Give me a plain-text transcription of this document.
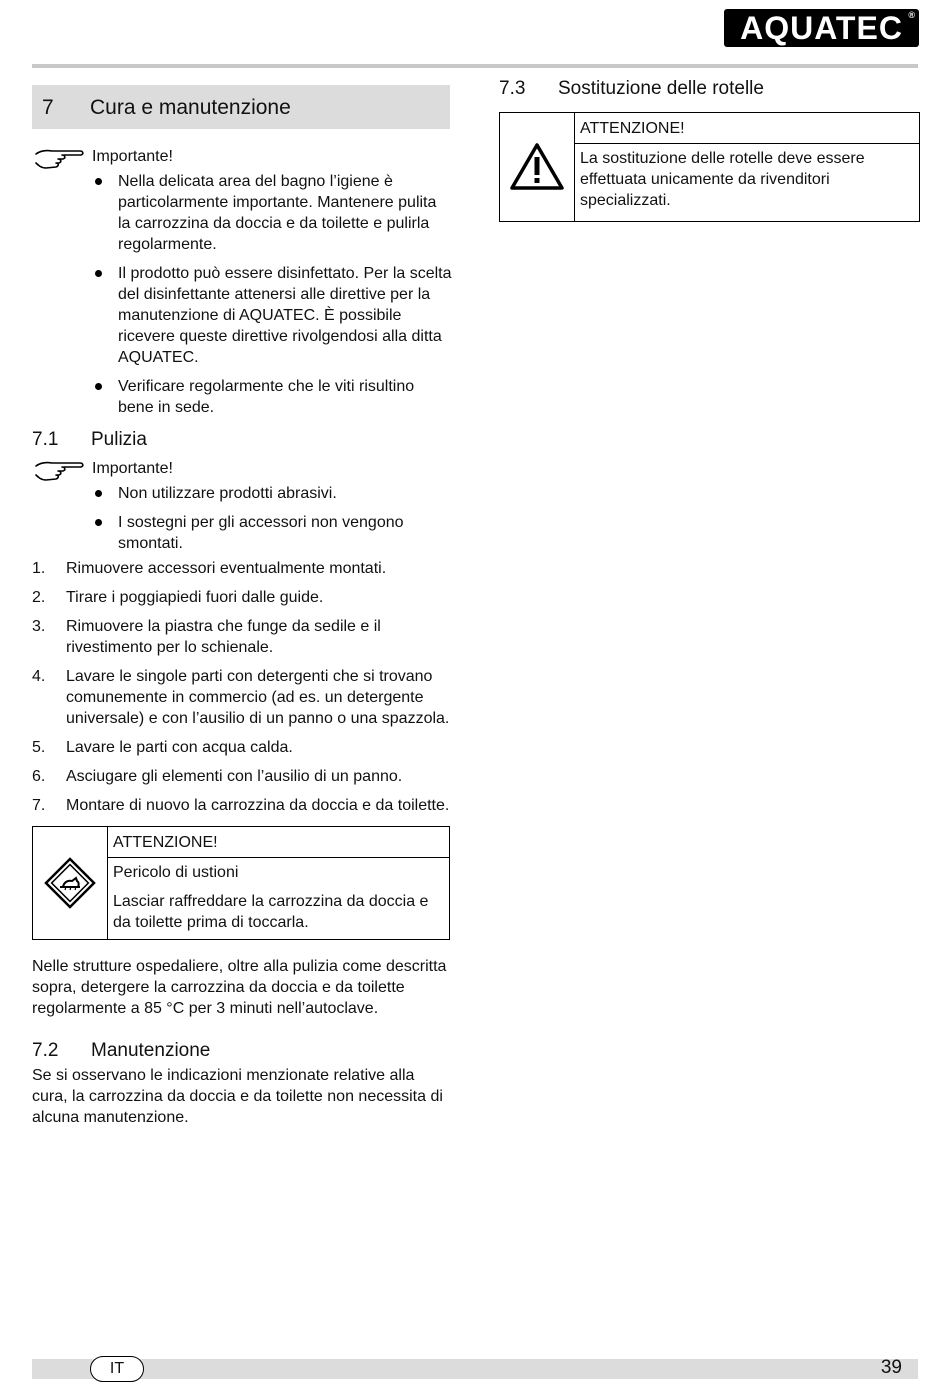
AQUATEC ®
7	Cura e manutenzione
Importante!
Nella delicata area del bagno l’igiene è particolarmente importante. Mantenere pulita la carrozzina da doccia e da toilette e pulirla regolarmente.
Il prodotto può essere disinfettato. Per la scelta del disinfettante attenersi alle direttive per la manutenzione di AQUATEC. È possibile ricevere queste direttive rivolgendosi alla ditta AQUATEC.
Verificare regolarmente che le viti risultino bene in sede.
7.1	Pulizia
Importante!
Non utilizzare prodotti abrasivi.
I sostegni per gli accessori non vengono smontati.
1. Rimuovere accessori eventualmente montati.
2. Tirare i poggiapiedi fuori dalle guide.
3. Rimuovere la piastra che funge da sedile e il rivestimento per lo schienale.
4. Lavare le singole parti con detergenti che si trovano comunemente in commercio (ad es. un detergente universale) e con l’ausilio di un panno o una spazzola.
5. Lavare le parti con acqua calda.
6. Asciugare gli elementi con l’ausilio di un panno.
7. Montare di nuovo la carrozzina da doccia e da toilette.
ATTENZIONE!

Pericolo di ustioni

Lasciar raffreddare la carrozzina da doccia e da toilette prima di toccarla.

Nelle strutture ospedaliere, oltre alla pulizia come descritta sopra, detergere la carrozzina da doccia e da toilette regolarmente a 85 °C per 3 minuti nell’autoclave.

7.2	Manutenzione

Se si osservano le indicazioni menzionate relative alla cura, la carrozzina da doccia e da toilette non necessita di alcuna manutenzione.

7.3	Sostituzione delle rotelle
ATTENZIONE!

La sostituzione delle rotelle deve essere effettuata unicamente da rivenditori specializzati.

IT	39
